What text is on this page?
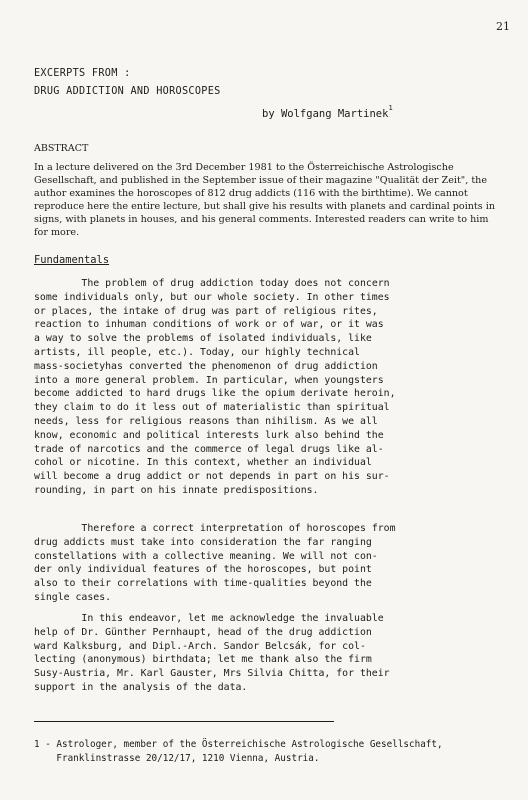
21
EXCERPTS FROM :
DRUG ADDICTION AND HOROSCOPES
by Wolfgang Martinek$^1$
ABSTRACT
In a lecture delivered on the 3rd December 1981 to the Österreichische Astrologische Gesellschaft, and published in the September issue of their magazine "Qualität der Zeit", the author examines the horoscopes of 812 drug addicts (116 with the birthtime). We cannot reproduce here the entire lecture, but shall give his results with planets and cardinal points in signs, with planets in houses, and his general comments. Interested readers can write to him for more.
Fundamentals
The problem of drug addiction today does not concern
some individuals only, but our whole society. In other times
or places, the intake of drug was part of religious rites,
reaction to inhuman conditions of work or of war, or it was
a way to solve the problems of isolated individuals, like
artists, ill people, etc.). Today, our highly technical
mass-societyhas converted the phenomenon of drug addiction
into a more general problem. In particular, when youngsters
become addicted to hard drugs like the opium derivate heroin,
they claim to do it less out of materialistic than spiritual
needs, less for religious reasons than nihilism. As we all
know, economic and political interests lurk also behind the
trade of narcotics and the commerce of legal drugs like al-
cohol or nicotine. In this context, whether an individual
will become a drug addict or not depends in part on his sur-
rounding, in part on his innate predispositions.
Therefore a correct interpretation of horoscopes from
drug addicts must take into consideration the far ranging
constellations with a collective meaning. We will not con-
der only individual features of the horoscopes, but point
also to their correlations with time-qualities beyond the
single cases.
In this endeavor, let me acknowledge the invaluable
help of Dr. Günther Pernhaupt, head of the drug addiction
ward Kalksburg, and Dipl.-Arch. Sandor Belcsák, for col-
lecting (anonymous) birthdata; let me thank also the firm
Susy-Austria, Mr. Karl Gauster, Mrs Silvia Chitta, for their
support in the analysis of the data.
1 - Astrologer, member of the Österreichische Astrologische Gesellschaft,
Franklinstrasse 20/12/17, 1210 Vienna, Austria.
